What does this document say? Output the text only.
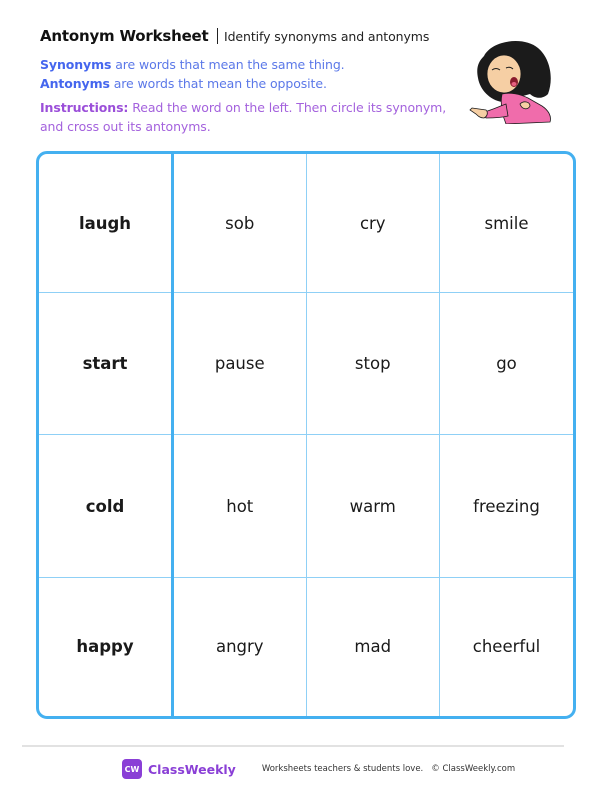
Antonym Worksheet Identify synonyms and antonyms
Synonyms are words that mean the same thing.
Antonyms are words that mean the opposite.
Instructions: Read the word on the left. Then circle its synonym, and cross out its antonyms.
laugh	sob	cry	smile
start	pause	stop	go
cold	hot	warm	freezing
happy	angry	mad	cheerful
CW ClassWeekly	Worksheets teachers & students love. © ClassWeekly.com
